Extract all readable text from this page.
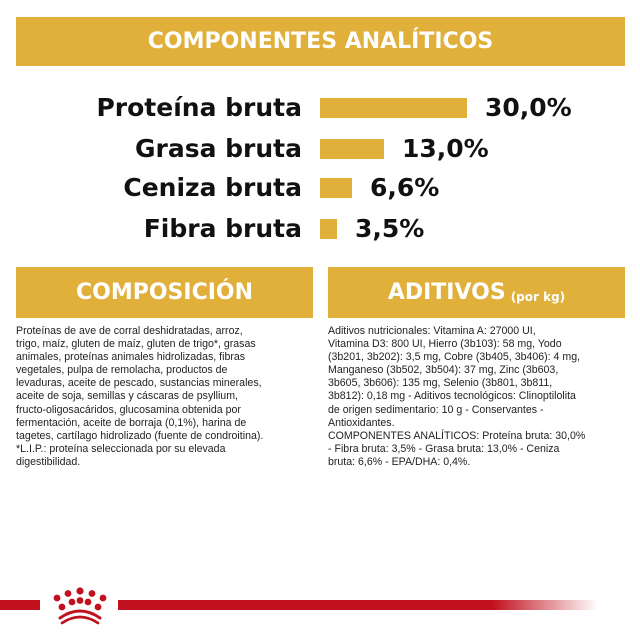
COMPONENTES ANALÍTICOS
Proteína bruta	30,0%
Grasa bruta	13,0%
Ceniza bruta	6,6%
Fibra bruta 3,5%
COMPOSICIÓN	ADITIVOS (por kg)

Proteínas de ave de corral deshidratadas, arroz,

trigo, maíz, gluten de maíz, gluten de trigo*, grasas

animales, proteínas animales hidrolizadas, fibras

vegetales, pulpa de remolacha, productos de

levaduras, aceite de pescado, sustancias minerales,

aceite de soja, semillas y cáscaras de psyllium,

fructo-oligosacáridos, glucosamina obtenida por

fermentación, aceite de borraja (0,1%), harina de

tagetes, cartílago hidrolizado (fuente de condroitina).

*L.I.P.: proteína seleccionada por su elevada

digestibilidad.

Aditivos nutricionales: Vitamina A: 27000 UI,

Vitamina D3: 800 UI, Hierro (3b103): 58 mg, Yodo

(3b201, 3b202): 3,5 mg, Cobre (3b405, 3b406): 4 mg,

Manganeso (3b502, 3b504): 37 mg, Zinc (3b603,

3b605, 3b606): 135 mg, Selenio (3b801, 3b811,

3b812): 0,18 mg - Aditivos tecnológicos: Clinoptilolita

de origen sedimentario: 10 g - Conservantes -

Antioxidantes.

COMPONENTES ANALÍTICOS: Proteína bruta: 30,0%

- Fibra bruta: 3,5% - Grasa bruta: 13,0% - Ceniza

bruta: 6,6% - EPA/DHA: 0,4%.
